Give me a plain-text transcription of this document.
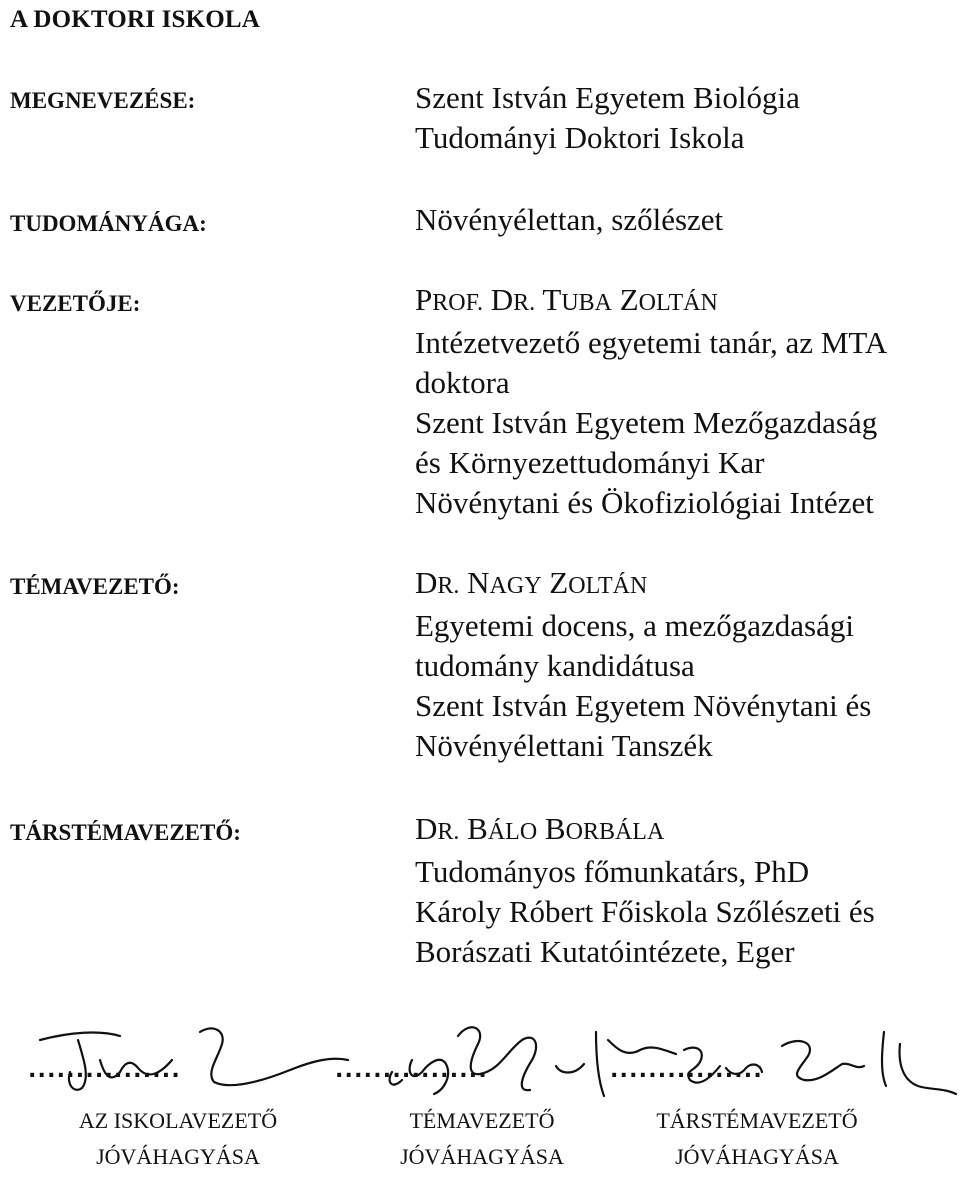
A DOKTORI ISKOLA
MEGNEVEZÉSE:	Szent István Egyetem Biológia
Tudományi Doktori Iskola
TUDOMÁNYÁGA:	Növényélettan, szőlészet
VEZETŐJE:	PROF. DR. TUBA ZOLTÁN
Intézetvezető egyetemi tanár, az MTA
doktora
Szent István Egyetem Mezőgazdaság
és Környezettudományi Kar
Növénytani és Ökofiziológiai Intézet
TÉMAVEZETŐ:	DR. NAGY ZOLTÁN
Egyetemi docens, a mezőgazdasági
tudomány kandidátusa
Szent István Egyetem Növénytani és
Növényélettani Tanszék
TÁRSTÉMAVEZETŐ:	DR. BÁLO BORBÁLA
Tudományos főmunkatárs, PhD
Károly Róbert Főiskola Szőlészeti és
Borászati Kutatóintézete, Eger
................	................	................
AZ ISKOLAVEZETŐ
JÓVÁHAGYÁSA
TÉMAVEZETŐ
JÓVÁHAGYÁSA
TÁRSTÉMAVEZETŐ
JÓVÁHAGYÁSA
